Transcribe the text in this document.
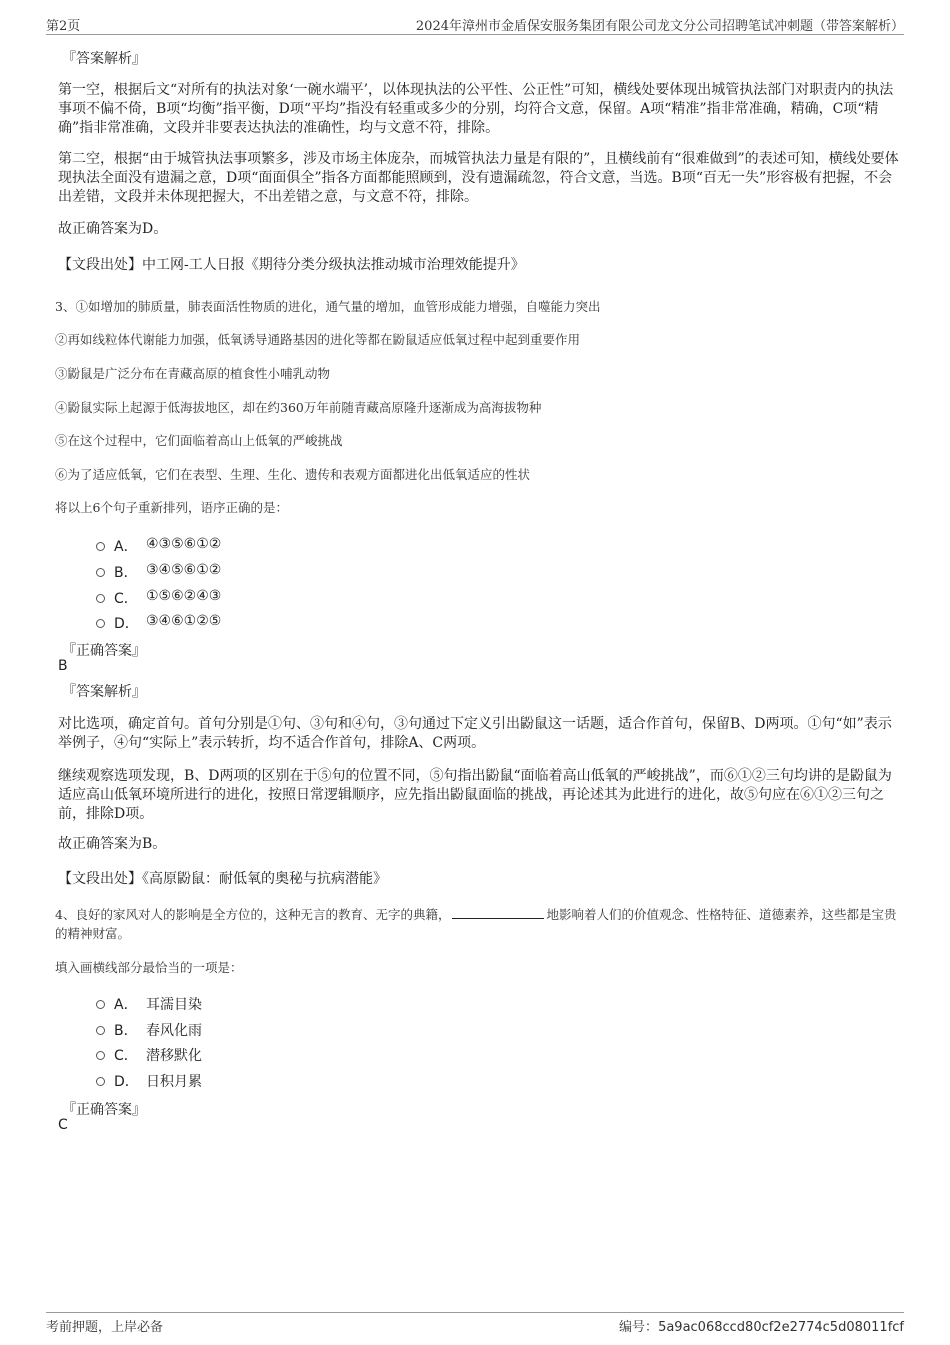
第2页	2024年漳州市金盾保安服务集团有限公司龙文分公司招聘笔试冲刺题（带答案解析）
『答案解析』
第一空，根据后文“对所有的执法对象‘一碗水端平’，以体现执法的公平性、公正性”可知，横线处要体现出城管执法部门对职责内的执法事项不偏不倚，B项“均衡”指平衡，D项“平均”指没有轻重或多少的分别，均符合文意，保留。A项“精准”指非常准确，精确，C项“精确”指非常准确，文段并非要表达执法的准确性，均与文意不符，排除。
第二空，根据“由于城管执法事项繁多，涉及市场主体庞杂，而城管执法力量是有限的”，且横线前有“很难做到”的表述可知，横线处要体现执法全面没有遗漏之意，D项“面面俱全”指各方面都能照顾到，没有遗漏疏忽，符合文意，当选。B项“百无一失”形容极有把握，不会出差错，文段并未体现把握大，不出差错之意，与文意不符，排除。
故正确答案为D。
【文段出处】中工网-工人日报《期待分类分级执法推动城市治理效能提升》
3、①如增加的肺质量，肺表面活性物质的进化，通气量的增加，血管形成能力增强，自噬能力突出
②再如线粒体代谢能力加强，低氧诱导通路基因的进化等都在鼢鼠适应低氧过程中起到重要作用
③鼢鼠是广泛分布在青藏高原的植食性小哺乳动物
④鼢鼠实际上起源于低海拔地区，却在约360万年前随青藏高原隆升逐渐成为高海拔物种
⑤在这个过程中，它们面临着高山上低氧的严峻挑战
⑥为了适应低氧，它们在表型、生理、生化、遗传和表观方面都进化出低氧适应的性状
将以上6个句子重新排列，语序正确的是：
A． ④③⑤⑥①②
B． ③④⑤⑥①②
C． ①⑤⑥②④③
D． ③④⑥①②⑤
『正确答案』
B
『答案解析』
对比选项，确定首句。首句分别是①句、③句和④句，③句通过下定义引出鼢鼠这一话题，适合作首句，保留B、D两项。①句“如”表示举例子，④句“实际上”表示转折，均不适合作首句，排除A、C两项。
继续观察选项发现，B、D两项的区别在于⑤句的位置不同，⑤句指出鼢鼠“面临着高山低氧的严峻挑战”，而⑥①②三句均讲的是鼢鼠为适应高山低氧环境所进行的进化，按照日常逻辑顺序，应先指出鼢鼠面临的挑战，再论述其为此进行的进化，故⑤句应在⑥①②三句之前，排除D项。
故正确答案为B。
【文段出处】《高原鼢鼠：耐低氧的奥秘与抗病潜能》
4、良好的家风对人的影响是全方位的，这种无言的教育、无字的典籍，	地影响着人们的价值观念、性格特征、道德素养，这些都是宝贵的精神财富。
填入画横线部分最恰当的一项是：
A． 耳濡目染
B． 春风化雨
C． 潜移默化
D． 日积月累
『正确答案』
C
考前押题，上岸必备	编号：5a9ac068ccd80cf2e2774c5d08011fcf
